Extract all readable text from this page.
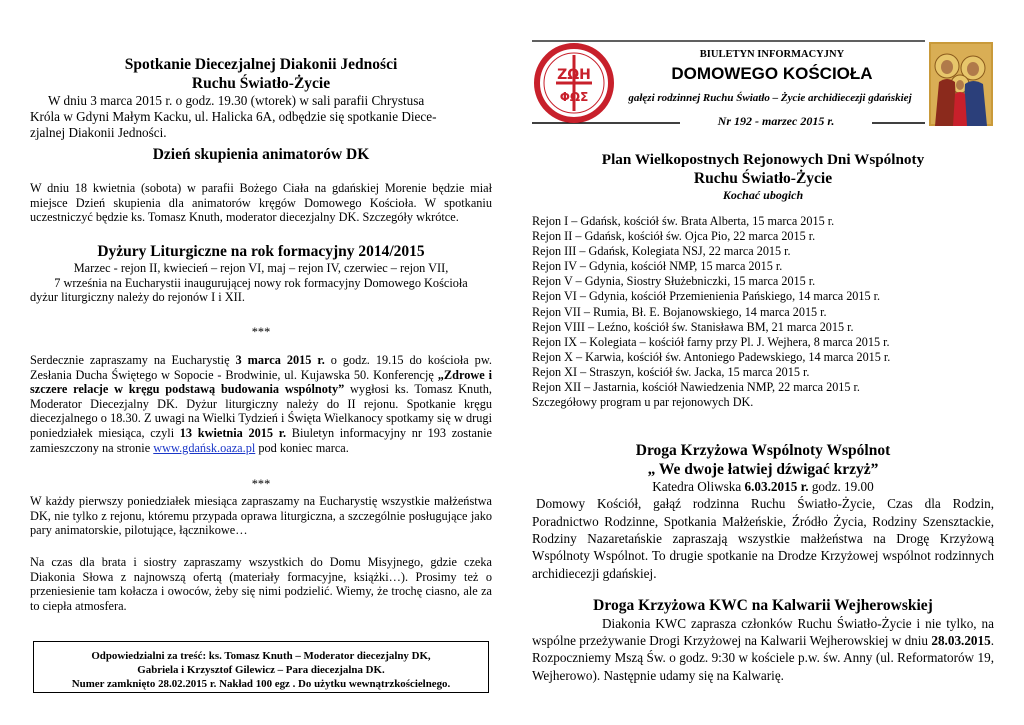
Spotkanie Diecezjalnej Diakonii Jedności
Ruchu Światło-Życie

W dniu 3 marca 2015 r. o godz. 19.30 (wtorek) w sali parafii Chrystusa

Króla w Gdyni Małym Kacku, ul. Halicka 6A, odbędzie się spotkanie Diece-

zjalnej Diakonii Jedności.

Dzień skupienia animatorów DK

W dniu 18 kwietnia (sobota) w parafii Bożego Ciała na gdańskiej Morenie będzie miał miejsce Dzień skupienia dla animatorów kręgów Domowego Kościoła. W spotkaniu uczestniczyć będzie ks. Tomasz Knuth, moderator diecezjalny DK. Szczegóły wkrótce.

Dyżury Liturgiczne na rok formacyjny 2014/2015

Marzec - rejon II, kwiecień – rejon VI, maj – rejon IV, czerwiec – rejon VII,

7 września na Eucharystii inaugurującej nowy rok formacyjny Domowego Kościoła

dyżur liturgiczny należy do rejonów I i XII.

***

Serdecznie zapraszamy na Eucharystię 3 marca 2015 r. o godz. 19.15 do kościoła pw. Zesłania Ducha Świętego w Sopocie - Brodwinie, ul. Kujawska 50. Konferencję „Zdrowe i szczere relacje w kręgu podstawą budowania wspólnoty” wygłosi ks. Tomasz Knuth, Moderator Diecezjalny DK. Dyżur liturgiczny należy do II rejonu. Spotkanie kręgu diecezjalnego o 18.30. Z uwagi na Wielki Tydzień i Święta Wielkanocy spotkamy się w drugi poniedziałek miesiąca, czyli 13 kwietnia 2015 r. Biuletyn informacyjny nr 193 zostanie zamieszczony na stronie www.gdańsk.oaza.pl pod koniec marca.

***

W każdy pierwszy poniedziałek miesiąca zapraszamy na Eucharystię wszystkie małżeństwa DK, nie tylko z rejonu, któremu przypada oprawa liturgiczna, a szczególnie posługujące jako pary animatorskie, pilotujące, łącznikowe…

Na czas dla brata i siostry zapraszamy wszystkich do Domu Misyjnego, gdzie czeka Diakonia Słowa z najnowszą ofertą (materiały formacyjne, książki…). Prosimy też o przeniesienie tam kołacza i owoców, żeby się nimi podzielić. Wiemy, że trochę ciasno, ale za to ciepła atmosfera.

Odpowiedzialni za treść: ks. Tomasz Knuth – Moderator diecezjalny DK,
Gabriela i Krzysztof Gilewicz – Para diecezjalna DK.
Numer zamknięto 28.02.2015 r. Nakład 100 egz . Do użytku wewnątrzkościelnego.
ΖΩΗ
ΦΩΣ
BIULETYN INFORMACYJNY
DOMOWEGO KOŚCIOŁA
gałęzi rodzinnej Ruchu Światło – Życie archidiecezji gdańskiej
Nr 192 - marzec 2015 r.
Plan Wielkopostnych Rejonowych Dni Wspólnoty
Ruchu Światło-Życie
Kochać ubogich
Rejon I – Gdańsk, kościół św. Brata Alberta, 15 marca 2015 r.
Rejon II – Gdańsk, kościół św. Ojca Pio, 22 marca 2015 r.
Rejon III – Gdańsk, Kolegiata NSJ, 22 marca 2015 r.
Rejon IV – Gdynia, kościół NMP, 15 marca 2015 r.
Rejon V – Gdynia, Siostry Służebniczki, 15 marca 2015 r.
Rejon VI – Gdynia, kościół Przemienienia Pańskiego, 14 marca 2015 r.
Rejon VII – Rumia, Bł. E. Bojanowskiego, 14 marca 2015 r.
Rejon VIII – Leźno, kościół św. Stanisława BM, 21 marca 2015 r.
Rejon IX – Kolegiata – kościół farny przy Pl. J. Wejhera, 8 marca 2015 r.
Rejon X – Karwia, kościół św. Antoniego Padewskiego, 14 marca 2015 r.
Rejon XI – Straszyn, kościół św. Jacka, 15 marca 2015 r.
Rejon XII – Jastarnia, kościół Nawiedzenia NMP, 22 marca 2015 r.
Szczegółowy program u par rejonowych DK.
Droga Krzyżowa Wspólnoty Wspólnot
„ We dwoje łatwiej dźwigać krzyż”

Katedra Oliwska 6.03.2015 r. godz. 19.00

Domowy Kościół, gałąź rodzinna Ruchu Światło-Życie, Czas dla Rodzin, Poradnictwo Rodzinne, Spotkania Małżeńskie, Źródło Życia, Rodziny Szensztackie, Rodziny Nazaretańskie zapraszają wszystkie małżeństwa na Drogę Krzyżową Wspólnoty Wspólnot. To drugie spotkanie na Drodze Krzyżowej wspólnot rodzinnych archidiecezji gdańskiej.

Droga Krzyżowa KWC na Kalwarii Wejherowskiej

Diakonia KWC zaprasza członków Ruchu Światło-Życie i nie tylko, na wspólne przeżywanie Drogi Krzyżowej na Kalwarii Wejherowskiej w dniu 28.03.2015. Rozpoczniemy Mszą Św. o godz. 9:30 w kościele p.w. św. Anny (ul. Reformatorów 19, Wejherowo). Następnie udamy się na Kalwarię.
